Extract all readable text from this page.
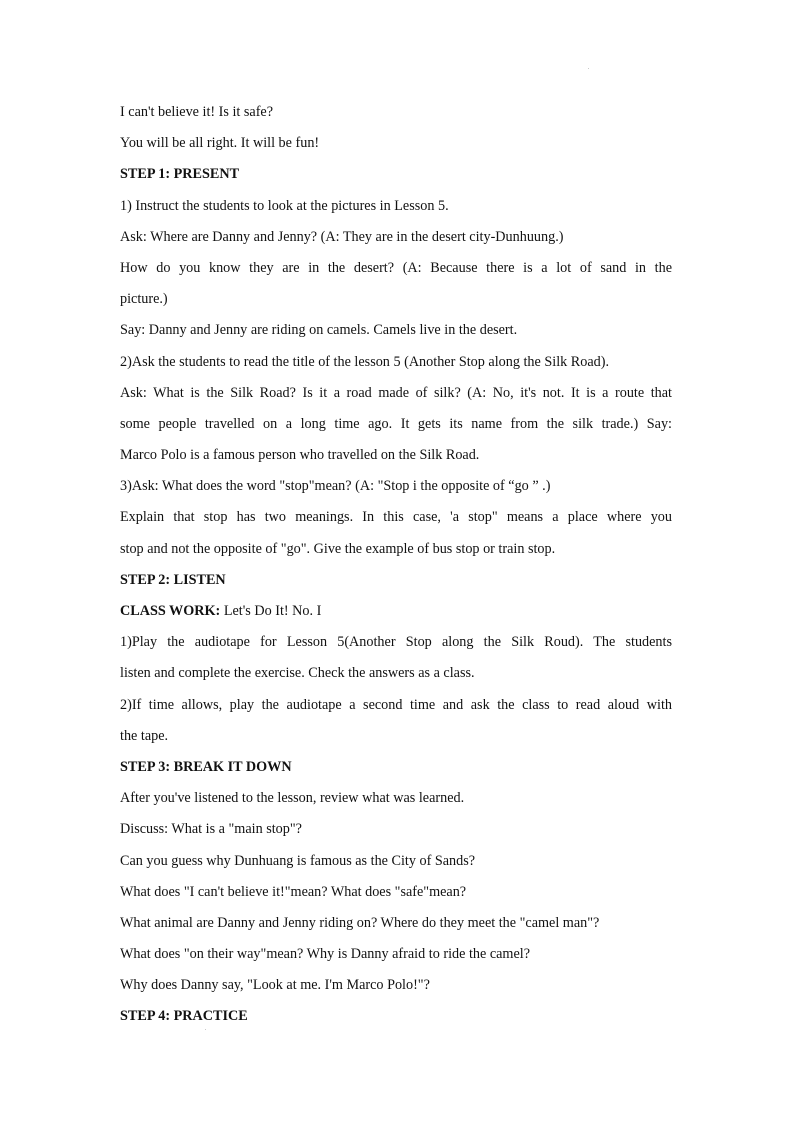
I can't believe it! Is it safe?

You will be all right. It will be fun!

STEP 1: PRESENT

1) Instruct the students to look at the pictures in Lesson 5.

Ask: Where are Danny and Jenny? (A: They are in the desert city-Dunhuung.)

How do you know they are in the desert? (A: Because there is a lot of sand in the

picture.)

Say: Danny and Jenny are riding on camels. Camels live in the desert.

2)Ask the students to read the title of the lesson 5 (Another Stop along the Silk Road).

Ask: What is the Silk Road? Is it a road made of silk? (A: No, it's not. It is a route that

some people travelled on a long time ago. It gets its name from the silk trade.) Say:

Marco Polo is a famous person who travelled on the Silk Road.

3)Ask: What does the word "stop"mean? (A: "Stop i the opposite of “go ” .)

Explain that stop has two meanings. In this case, 'a stop" means a place where you

stop and not the opposite of "go". Give the example of bus stop or train stop.

STEP 2: LISTEN

CLASS WORK: Let's Do It! No. I

1)Play the audiotape for Lesson 5(Another Stop along the Silk Roud). The students

listen and complete the exercise. Check the answers as a class.

2)If time allows, play the audiotape a second time and ask the class to read aloud with

the tape.

STEP 3: BREAK IT DOWN

After you've listened to the lesson, review what was learned.

Discuss: What is a "main stop"?

Can you guess why Dunhuang is famous as the City of Sands?

What does "I can't believe it!"mean? What does "safe"mean?

What animal are Danny and Jenny riding on? Where do they meet the "camel man"?

What does "on their way"mean? Why is Danny afraid to ride the camel?

Why does Danny say, "Look at me. I'm Marco Polo!"?

STEP 4: PRACTICE
